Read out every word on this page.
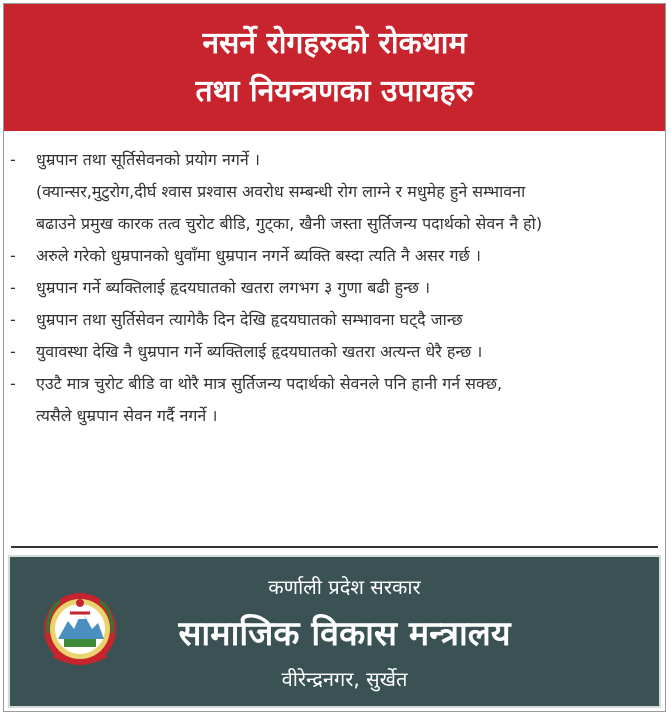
नसर्ने रोगहरुको रोकथाम
तथा नियन्त्रणका उपायहरु
-	धुम्रपान तथा सूर्तिसेवनको प्रयोग नगर्ने ।
(क्यान्सर,मुटुरोग,दीर्घ श्वास प्रश्वास अवरोध सम्बन्धी रोग लाग्ने र मधुमेह हुने सम्भावना
बढाउने प्रमुख कारक तत्व चुरोट बीडि, गुट्का, खैनी जस्ता सुर्तिजन्य पदार्थको सेवन नै हो)
-	अरुले गरेको धुम्रपानको धुवाँमा धुम्रपान नगर्ने ब्यक्ति बस्दा त्यति नै असर गर्छ ।
-	धुम्रपान गर्ने ब्यक्तिलाई हृदयघातको खतरा लगभग ३ गुणा बढी हुन्छ ।
-	धुम्रपान तथा सुर्तिसेवन त्यागेकै दिन देखि हृदयघातको सम्भावना घट्दै जान्छ
-	युवावस्था देखि नै धुम्रपान गर्ने ब्यक्तिलाई हृदयघातको खतरा अत्यन्त धेरै हन्छ ।
-	एउटै मात्र चुरोट बीडि वा थोरै मात्र सुर्तिजन्य पदार्थको सेवनले पनि हानी गर्न सक्छ,
त्यसैले धुम्रपान सेवन गर्दै नगर्ने ।
कर्णाली प्रदेश सरकार
सामाजिक विकास मन्त्रालय
वीरेन्द्रनगर, सुर्खेत
